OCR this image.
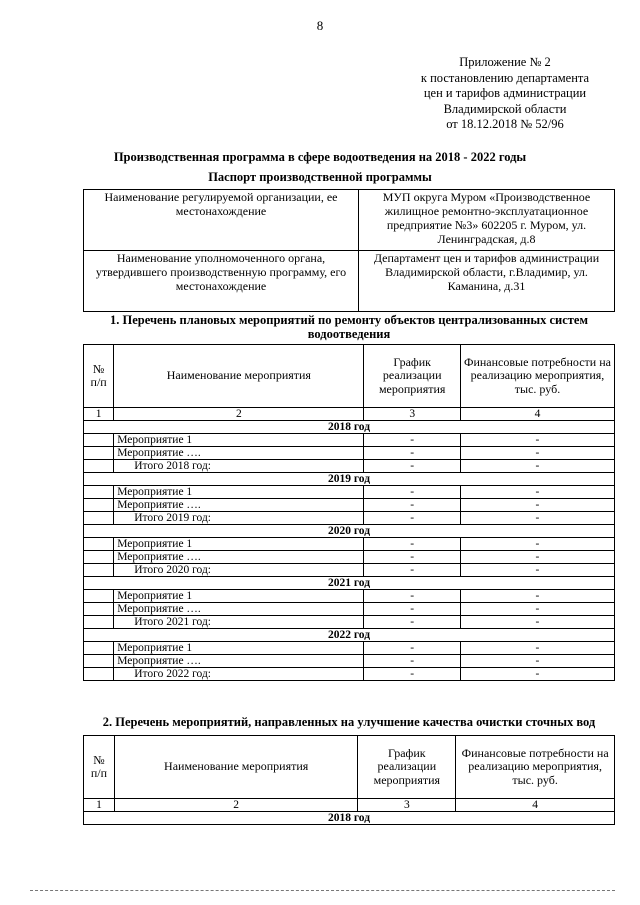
8
Приложение № 2
к постановлению департамента
цен и тарифов администрации
Владимирской области
от 18.12.2018 № 52/96
Производственная программа в сфере водоотведения на 2018 - 2022 годы
Паспорт производственной программы
Наименование регулируемой организации, ее местонахождение	МУП округа Муром «Производственное жилищное ремонтно-эксплуатационное предприятие №3» 602205 г. Муром, ул. Ленинградская, д.8
Наименование уполномоченного органа, утвердившего производственную программу, его местонахождение	Департамент цен и тарифов администрации Владимирской области, г.Владимир, ул. Каманина, д.31
1. Перечень плановых мероприятий по ремонту объектов централизованных систем водоотведения
№ п/п	Наименование мероприятия	График реализации мероприятия	Финансовые потребности на реализацию мероприятия, тыс. руб.
1	2	3	4
2018 год			
	Мероприятие 1	-	-
	Мероприятие ….	-	-
	Итого 2018 год:	-	-
2019 год			
	Мероприятие 1	-	-
	Мероприятие ….	-	-
	Итого 2019 год:	-	-
2020 год			
	Мероприятие 1	-	-
	Мероприятие ….	-	-
	Итого 2020 год:	-	-
2021 год			
	Мероприятие 1	-	-
	Мероприятие ….	-	-
	Итого 2021 год:	-	-
2022 год			
	Мероприятие 1	-	-
	Мероприятие ….	-	-
	Итого 2022 год:	-	-
2. Перечень мероприятий, направленных на улучшение качества очистки сточных вод
№ п/п	Наименование мероприятия	График реализации мероприятия	Финансовые потребности на реализацию мероприятия, тыс. руб.
1	2	3	4
2018 год			
